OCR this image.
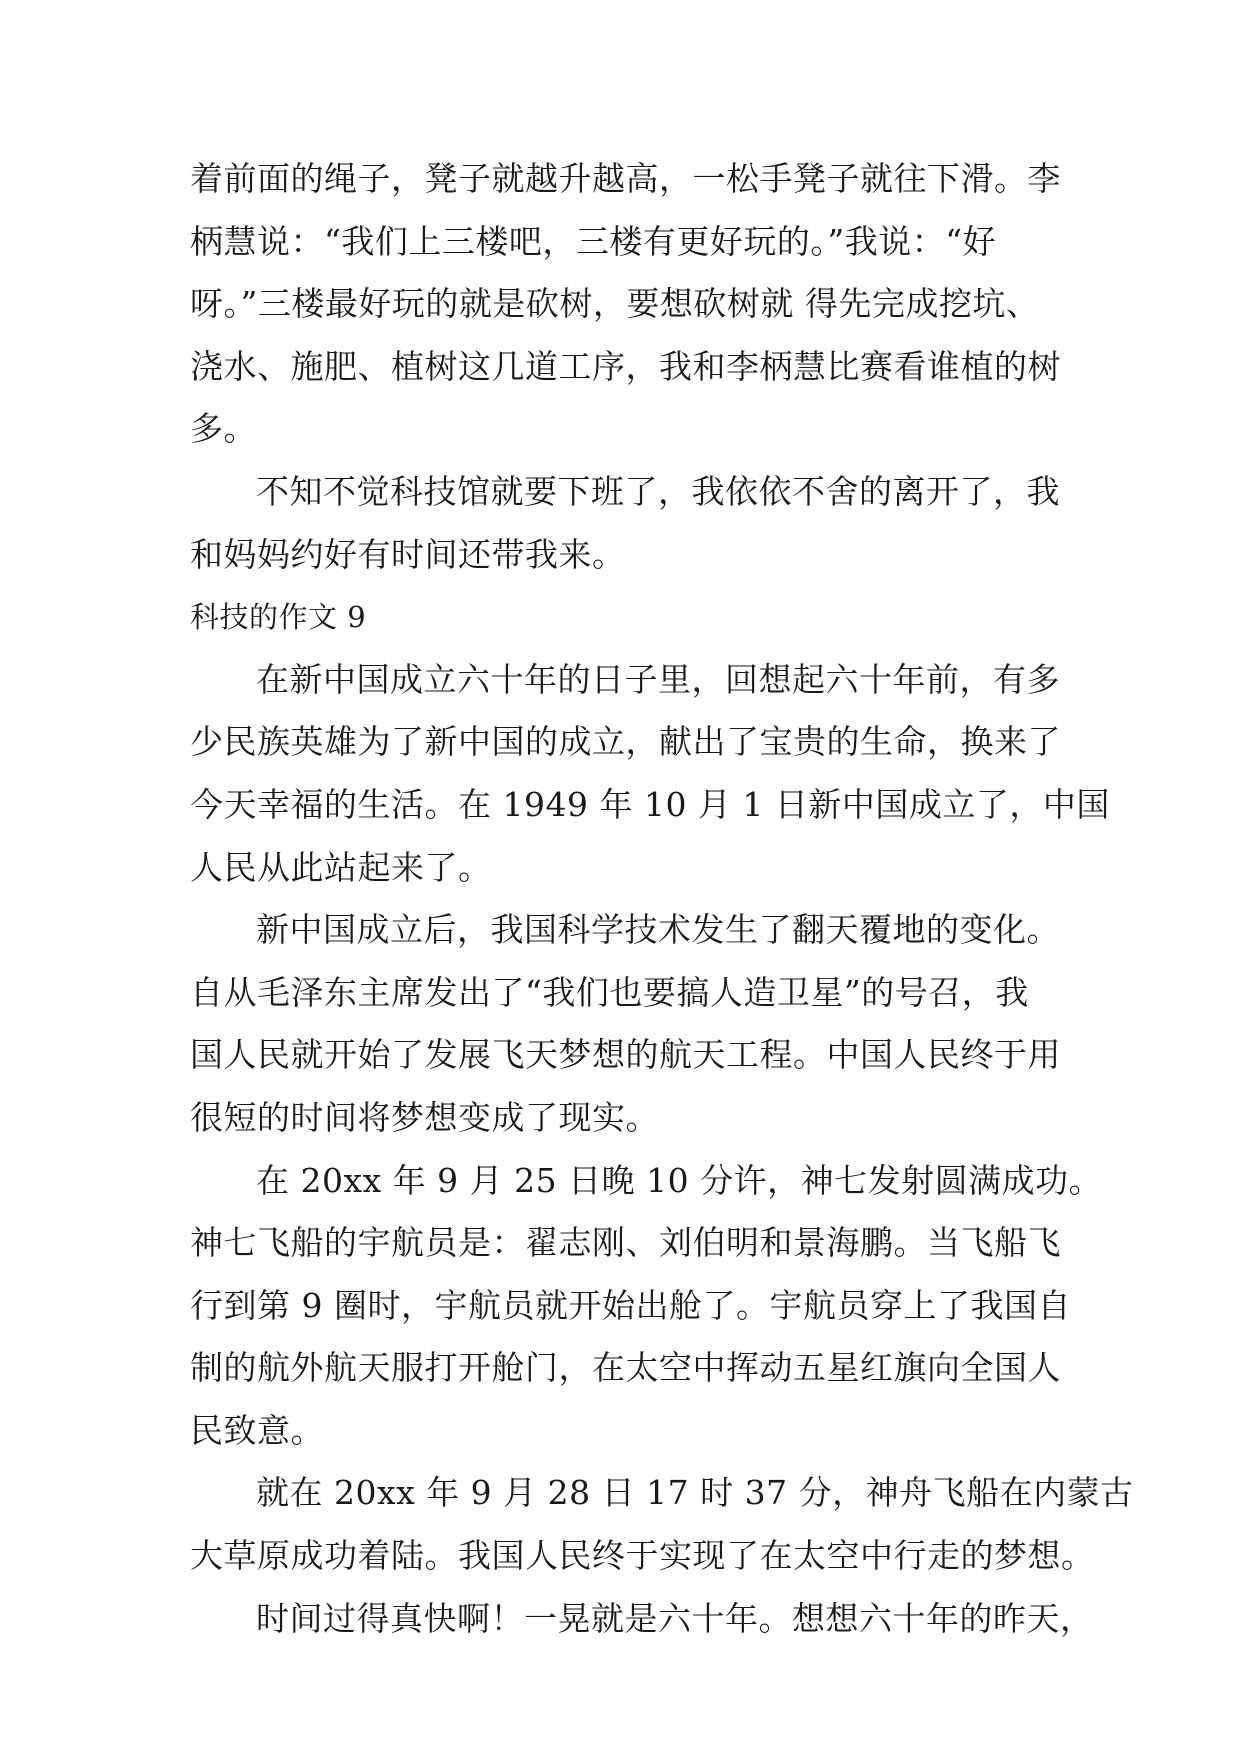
着前面的绳子，凳子就越升越高，一松手凳子就往下滑。李
柄慧说：“我们上三楼吧，三楼有更好玩的。”我说：“好
呀。”三楼最好玩的就是砍树，要想砍树就 得先完成挖坑、
浇水、施肥、植树这几道工序，我和李柄慧比赛看谁植的树
多。
不知不觉科技馆就要下班了，我依依不舍的离开了，我
和妈妈约好有时间还带我来。
科技的作文 9
在新中国成立六十年的日子里，回想起六十年前，有多
少民族英雄为了新中国的成立，献出了宝贵的生命，换来了
今天幸福的生活。在 1949 年 10 月 1 日新中国成立了，中国
人民从此站起来了。
新中国成立后，我国科学技术发生了翻天覆地的变化。
自从毛泽东主席发出了“我们也要搞人造卫星”的号召，我
国人民就开始了发展飞天梦想的航天工程。中国人民终于用
很短的时间将梦想变成了现实。
在 20xx 年 9 月 25 日晚 10 分许，神七发射圆满成功。
神七飞船的宇航员是：翟志刚、刘伯明和景海鹏。当飞船飞
行到第 9 圈时，宇航员就开始出舱了。宇航员穿上了我国自
制的航外航天服打开舱门，在太空中挥动五星红旗向全国人
民致意。
就在 20xx 年 9 月 28 日 17 时 37 分，神舟飞船在内蒙古
大草原成功着陆。我国人民终于实现了在太空中行走的梦想。
时间过得真快啊！一晃就是六十年。想想六十年的昨天，
